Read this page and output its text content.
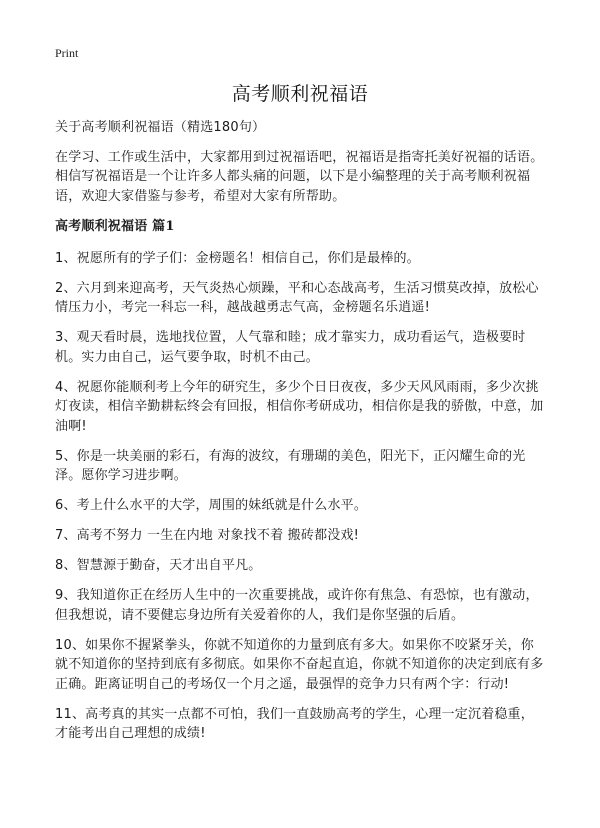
Print
高考顺利祝福语

关于高考顺利祝福语（精选180句）

在学习、工作或生活中，大家都用到过祝福语吧，祝福语是指寄托美好祝福的话语。相信写祝福语是一个让许多人都头痛的问题，以下是小编整理的关于高考顺利祝福语，欢迎大家借鉴与参考，希望对大家有所帮助。

高考顺利祝福语 篇1

1、祝愿所有的学子们：金榜题名！相信自己，你们是最棒的。

2、六月到来迎高考，天气炎热心烦躁，平和心态战高考，生活习惯莫改掉，放松心情压力小，考完一科忘一科，越战越勇志气高，金榜题名乐逍遥!

3、观天看时晨，选地找位置，人气靠和睦；成才靠实力，成功看运气，造极要时机。实力由自己，运气要争取，时机不由己。

4、祝愿你能顺利考上今年的研究生，多少个日日夜夜，多少天风风雨雨，多少次挑灯夜读，相信辛勤耕耘终会有回报，相信你考研成功，相信你是我的骄傲，中意，加油啊!

5、你是一块美丽的彩石，有海的波纹，有珊瑚的美色，阳光下，正闪耀生命的光泽。愿你学习进步啊。

6、考上什么水平的大学，周围的妹纸就是什么水平。

7、高考不努力 一生在内地 对象找不着 搬砖都没戏!

8、智慧源于勤奋，天才出自平凡。

9、我知道你正在经历人生中的一次重要挑战，或许你有焦急、有恐惊，也有激动，但我想说，请不要健忘身边所有关爱着你的人，我们是你坚强的后盾。

10、如果你不握紧拳头，你就不知道你的力量到底有多大。如果你不咬紧牙关，你就不知道你的坚持到底有多彻底。如果你不奋起直追，你就不知道你的决定到底有多正确。距离证明自己的考场仅一个月之遥，最强悍的竞争力只有两个字：行动!

11、高考真的其实一点都不可怕，我们一直鼓励高考的学生，心理一定沉着稳重，才能考出自己理想的成绩!
